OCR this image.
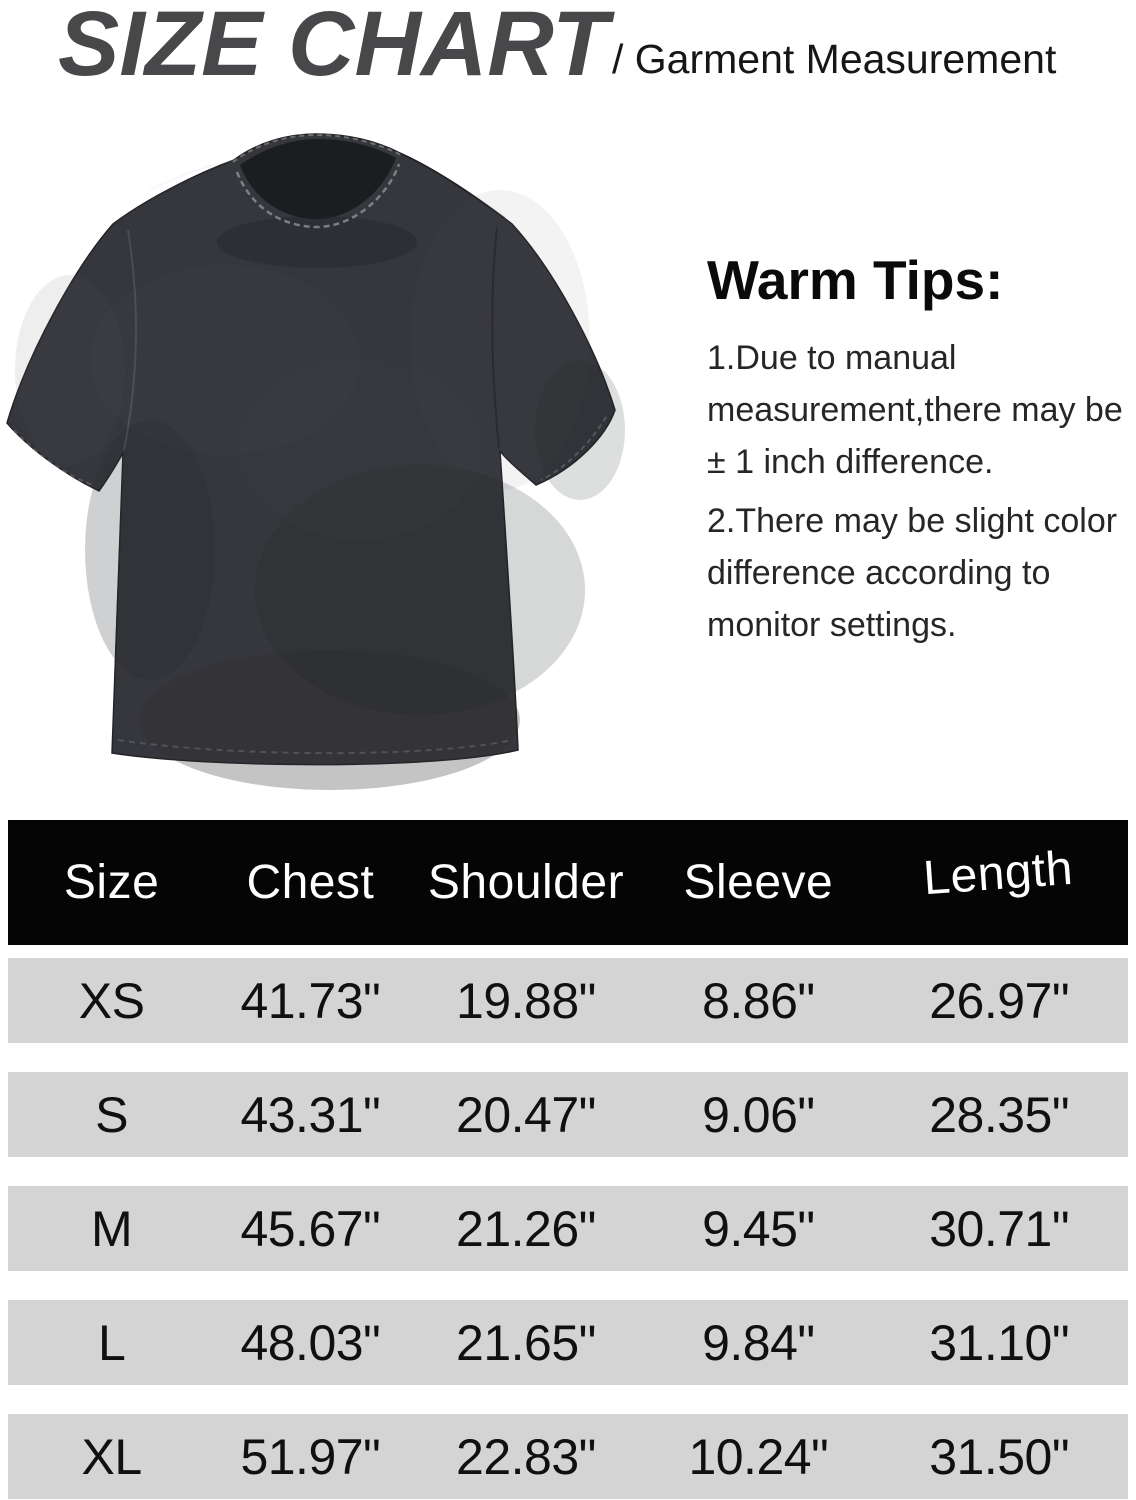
SIZE CHART / Garment Measurement
Warm Tips:
1.Due to manual
measurement,there may be
± 1 inch difference.
2.There may be slight color
difference according to
monitor settings.
Size	Chest	Shoulder	Sleeve	Length
XS	41.73"	19.88"	8.86"	26.97"
S	43.31"	20.47"	9.06"	28.35"
M	45.67"	21.26"	9.45"	30.71"
L	48.03"	21.65"	9.84"	31.10"
XL	51.97"	22.83"	10.24"	31.50"
